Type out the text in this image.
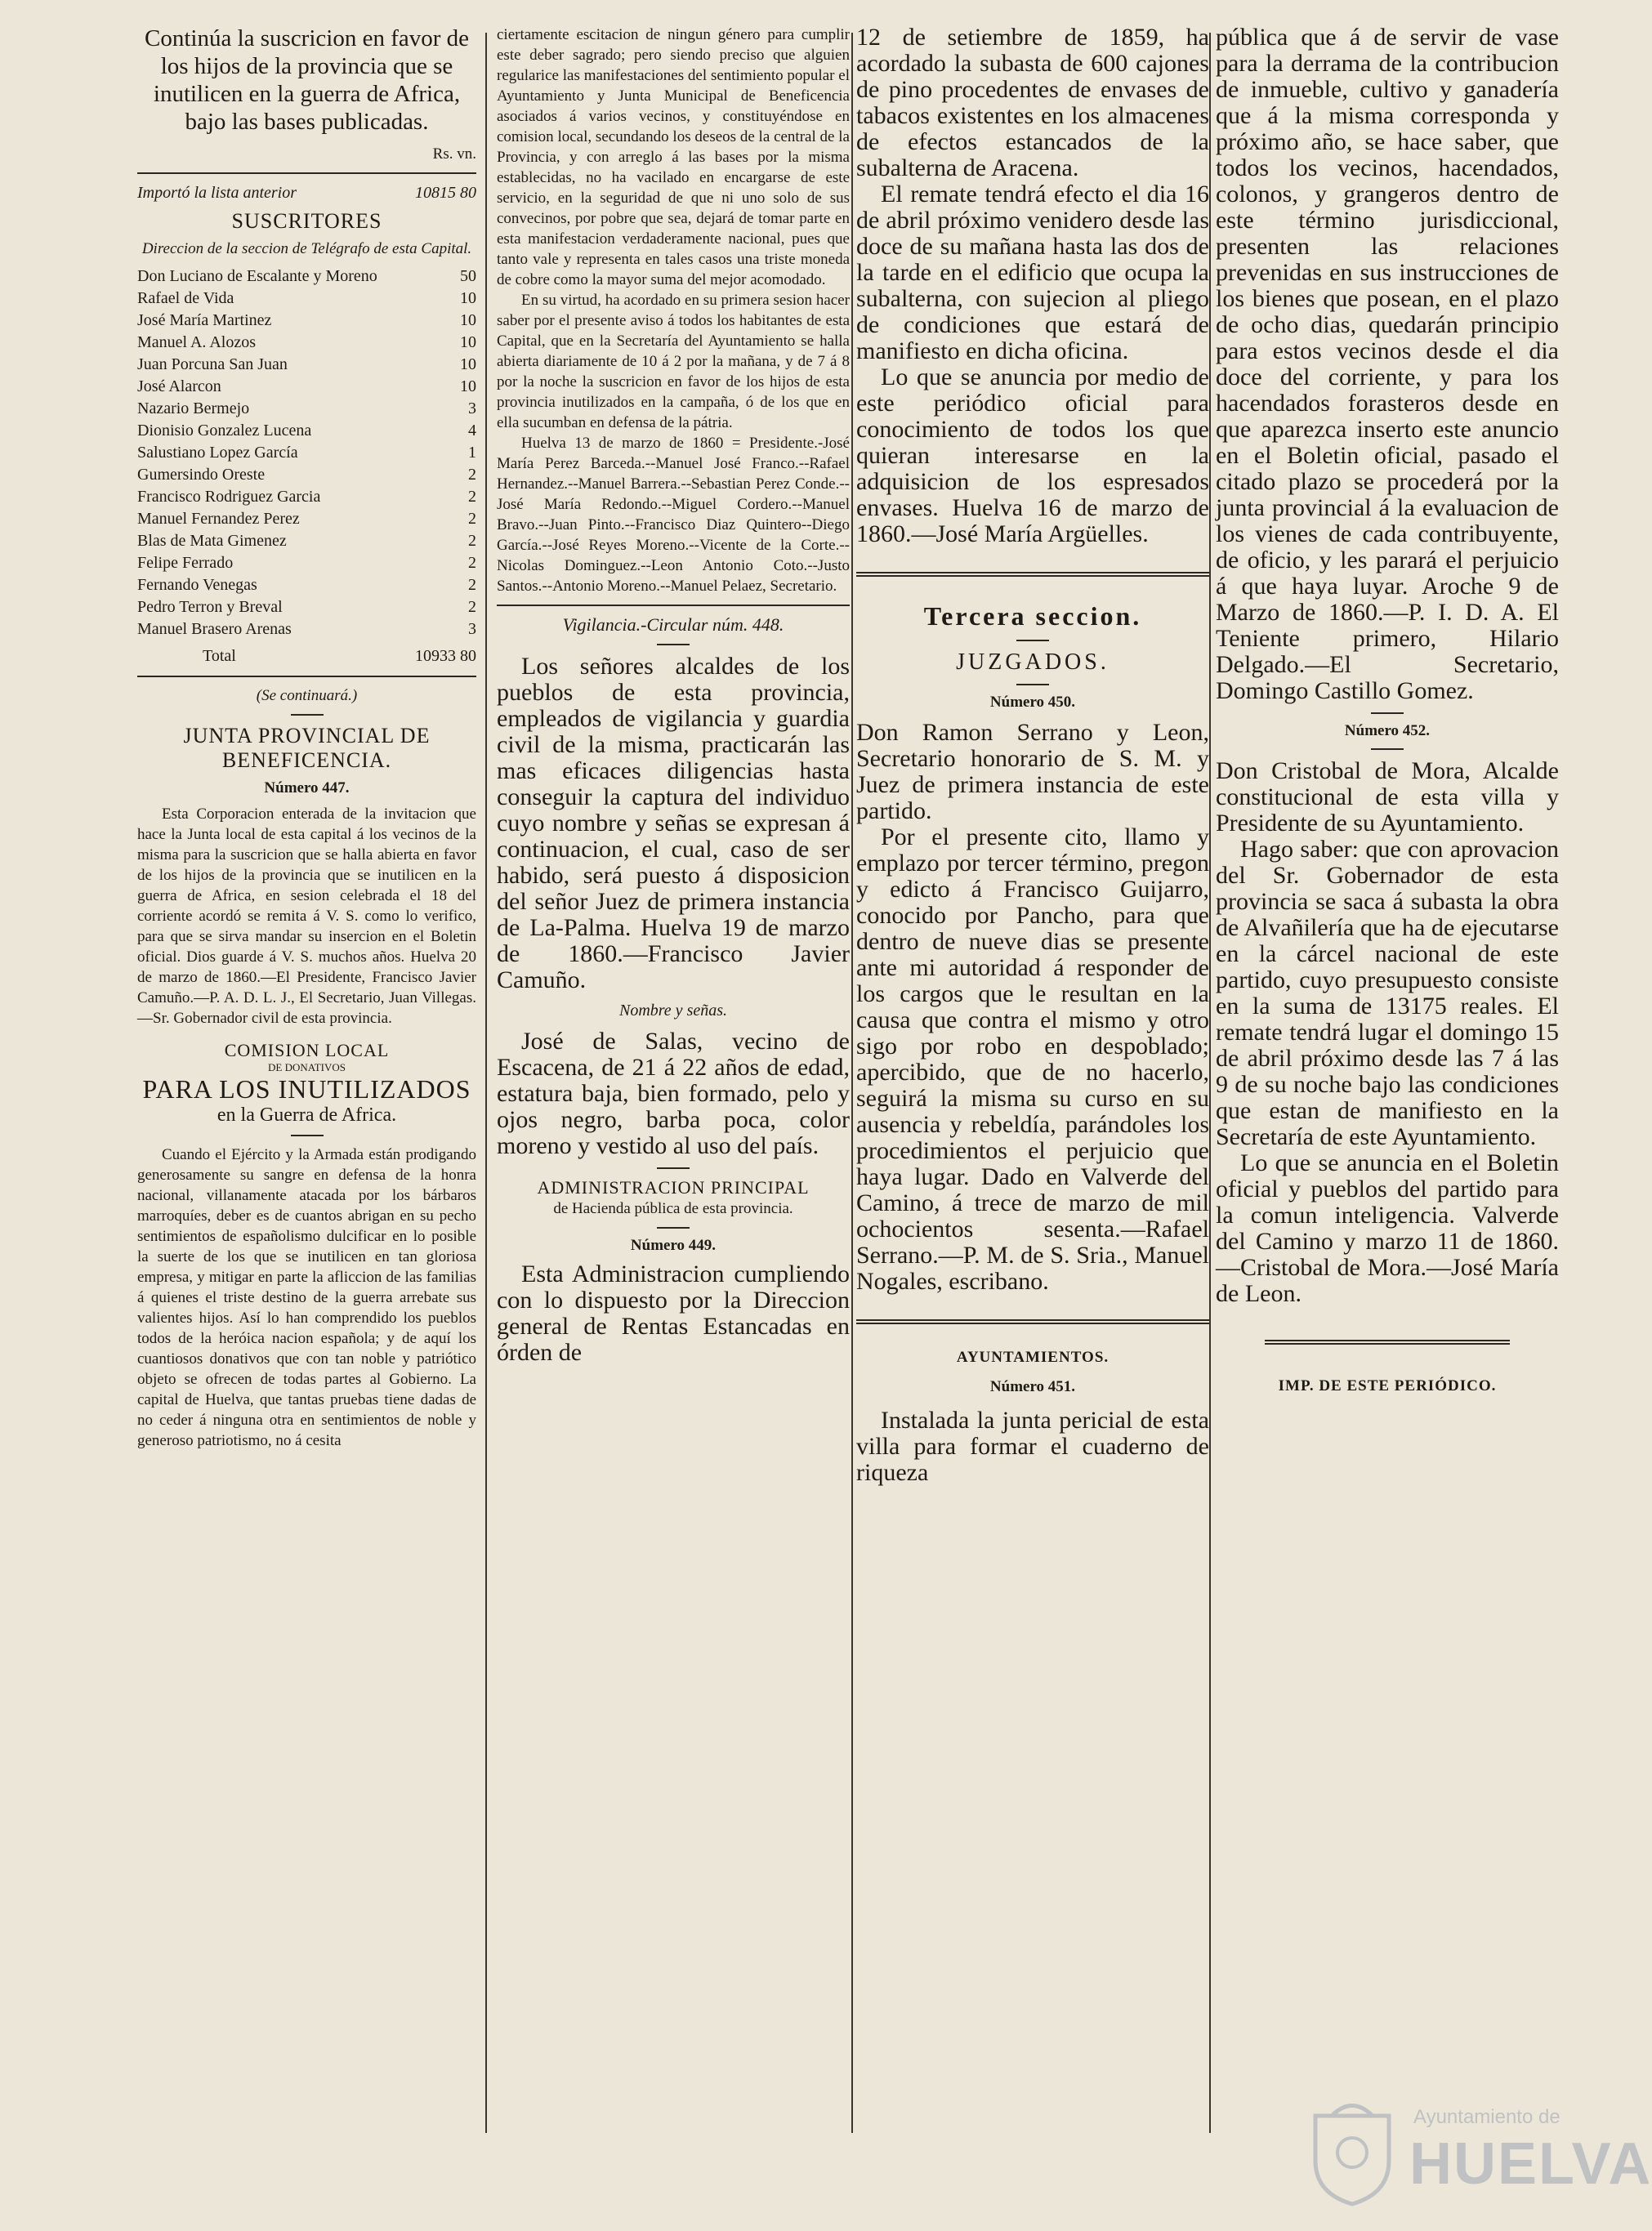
Continúa la suscricion en favor de los hijos de la provincia que se inutilicen en la guerra de Africa, bajo las bases publicadas.

Rs. vn.

Importó la lista anterior	10815 80

SUSCRITORES

Direccion de la seccion de Telégrafo de esta Capital.

Don Luciano de Escalante y Moreno	50
Rafael de Vida	10
José María Martinez	10
Manuel A. Alozos	10
Juan Porcuna San Juan	10
José Alarcon	10
Nazario Bermejo	3
Dionisio Gonzalez Lucena	4
Salustiano Lopez García	1
Gumersindo Oreste	2
Francisco Rodriguez Garcia	2
Manuel Fernandez Perez	2
Blas de Mata Gimenez	2
Felipe Ferrado	2
Fernando Venegas	2
Pedro Terron y Breval	2
Manuel Brasero Arenas	3
Total	10933 80

(Se continuará.)

JUNTA PROVINCIAL DE BENEFICENCIA.

Número 447.

Esta Corporacion enterada de la invitacion que hace la Junta local de esta capital á los vecinos de la misma para la suscricion que se halla abierta en favor de los hijos de la provincia que se inutilicen en la guerra de Africa, en sesion celebrada el 18 del corriente acordó se remita á V. S. como lo verifico, para que se sirva mandar su insercion en el Boletin oficial. Dios guarde á V. S. muchos años. Huelva 20 de marzo de 1860.—El Presidente, Francisco Javier Camuño.—P. A. D. L. J., El Secretario, Juan Villegas.—Sr. Gobernador civil de esta provincia.

COMISION LOCAL

DE DONATIVOS

PARA LOS INUTILIZADOS

en la Guerra de Africa.

Cuando el Ejército y la Armada están prodigando generosamente su sangre en defensa de la honra nacional, villanamente atacada por los bárbaros marroquíes, deber es de cuantos abrigan en su pecho sentimientos de españolismo dulcificar en lo posible la suerte de los que se inutilicen en tan gloriosa empresa, y mitigar en parte la afliccion de las familias á quienes el triste destino de la guerra arrebate sus valientes hijos. Así lo han comprendido los pueblos todos de la heróica nacion española; y de aquí los cuantiosos donativos que con tan noble y patriótico objeto se ofrecen de todas partes al Gobierno. La capital de Huelva, que tantas pruebas tiene dadas de no ceder á ninguna otra en sentimientos de noble y generoso patriotismo, no á cesita

ciertamente escitacion de ningun género para cumplir este deber sagrado; pero siendo preciso que alguien regularice las manifestaciones del sentimiento popular el Ayuntamiento y Junta Municipal de Beneficencia asociados á varios vecinos, y constituyéndose en comision local, secundando los deseos de la central de la Provincia, y con arreglo á las bases por la misma establecidas, no ha vacilado en encargarse de este servicio, en la seguridad de que ni uno solo de sus convecinos, por pobre que sea, dejará de tomar parte en esta manifestacion verdaderamente nacional, pues que tanto vale y representa en tales casos una triste moneda de cobre como la mayor suma del mejor acomodado.

En su virtud, ha acordado en su primera sesion hacer saber por el presente aviso á todos los habitantes de esta Capital, que en la Secretaría del Ayuntamiento se halla abierta diariamente de 10 á 2 por la mañana, y de 7 á 8 por la noche la suscricion en favor de los hijos de esta provincia inutilizados en la campaña, ó de los que en ella sucumban en defensa de la pátria.

Huelva 13 de marzo de 1860 = Presidente.-José María Perez Barceda.--Manuel José Franco.--Rafael Hernandez.--Manuel Barrera.--Sebastian Perez Conde.--José María Redondo.--Miguel Cordero.--Manuel Bravo.--Juan Pinto.--Francisco Diaz Quintero--Diego García.--José Reyes Moreno.--Vicente de la Corte.--Nicolas Dominguez.--Leon Antonio Coto.--Justo Santos.--Antonio Moreno.--Manuel Pelaez, Secretario.

Vigilancia.-Circular núm. 448.

Los señores alcaldes de los pueblos de esta provincia, empleados de vigilancia y guardia civil de la misma, practicarán las mas eficaces diligencias hasta conseguir la captura del individuo cuyo nombre y señas se expresan á continuacion, el cual, caso de ser habido, será puesto á disposicion del señor Juez de primera instancia de La-Palma. Huelva 19 de marzo de 1860.—Francisco Javier Camuño.

Nombre y señas.

José de Salas, vecino de Escacena, de 21 á 22 años de edad, estatura baja, bien formado, pelo y ojos negro, barba poca, color moreno y vestido al uso del país.

ADMINISTRACION PRINCIPAL

de Hacienda pública de esta provincia.

Número 449.

Esta Administracion cumpliendo con lo dispuesto por la Direccion general de Rentas Estancadas en órden de

12 de setiembre de 1859, ha acordado la subasta de 600 cajones de pino procedentes de envases de tabacos existentes en los almacenes de efectos estancados de la subalterna de Aracena.

El remate tendrá efecto el dia 16 de abril próximo venidero desde las doce de su mañana hasta las dos de la tarde en el edificio que ocupa la subalterna, con sujecion al pliego de condiciones que estará de manifiesto en dicha oficina.

Lo que se anuncia por medio de este periódico oficial para conocimiento de todos los que quieran interesarse en la adquisicion de los espresados envases. Huelva 16 de marzo de 1860.—José María Argüelles.

Tercera seccion.

JUZGADOS.

Número 450.

Don Ramon Serrano y Leon, Secretario honorario de S. M. y Juez de primera instancia de este partido.

Por el presente cito, llamo y emplazo por tercer término, pregon y edicto á Francisco Guijarro, conocido por Pancho, para que dentro de nueve dias se presente ante mi autoridad á responder de los cargos que le resultan en la causa que contra el mismo y otro sigo por robo en despoblado; apercibido, que de no hacerlo, seguirá la misma su curso en su ausencia y rebeldía, parándoles los procedimientos el perjuicio que haya lugar. Dado en Valverde del Camino, á trece de marzo de mil ochocientos sesenta.—Rafael Serrano.—P. M. de S. Sria., Manuel Nogales, escribano.

AYUNTAMIENTOS.

Número 451.

Instalada la junta pericial de esta villa para formar el cuaderno de riqueza

pública que á de servir de vase para la derrama de la contribucion de inmueble, cultivo y ganadería que á la misma corresponda y próximo año, se hace saber, que todos los vecinos, hacendados, colonos, y grangeros dentro de este término jurisdiccional, presenten las relaciones prevenidas en sus instrucciones de los bienes que posean, en el plazo de ocho dias, quedarán principio para estos vecinos desde el dia doce del corriente, y para los hacendados forasteros desde en que aparezca inserto este anuncio en el Boletin oficial, pasado el citado plazo se procederá por la junta provincial á la evaluacion de los vienes de cada contribuyente, de oficio, y les parará el perjuicio á que haya luyar. Aroche 9 de Marzo de 1860.—P. I. D. A. El Teniente primero, Hilario Delgado.—El Secretario, Domingo Castillo Gomez.

Número 452.

Don Cristobal de Mora, Alcalde constitucional de esta villa y Presidente de su Ayuntamiento.

Hago saber: que con aprovacion del Sr. Gobernador de esta provincia se saca á subasta la obra de Alvañilería que ha de ejecutarse en la cárcel nacional de este partido, cuyo presupuesto consiste en la suma de 13175 reales. El remate tendrá lugar el domingo 15 de abril próximo desde las 7 á las 9 de su noche bajo las condiciones que estan de manifiesto en la Secretaría de este Ayuntamiento.

Lo que se anuncia en el Boletin oficial y pueblos del partido para la comun inteligencia. Valverde del Camino y marzo 11 de 1860.—Cristobal de Mora.—José María de Leon.

IMP. DE ESTE PERIÓDICO.

Ayuntamiento de
HUELVA
